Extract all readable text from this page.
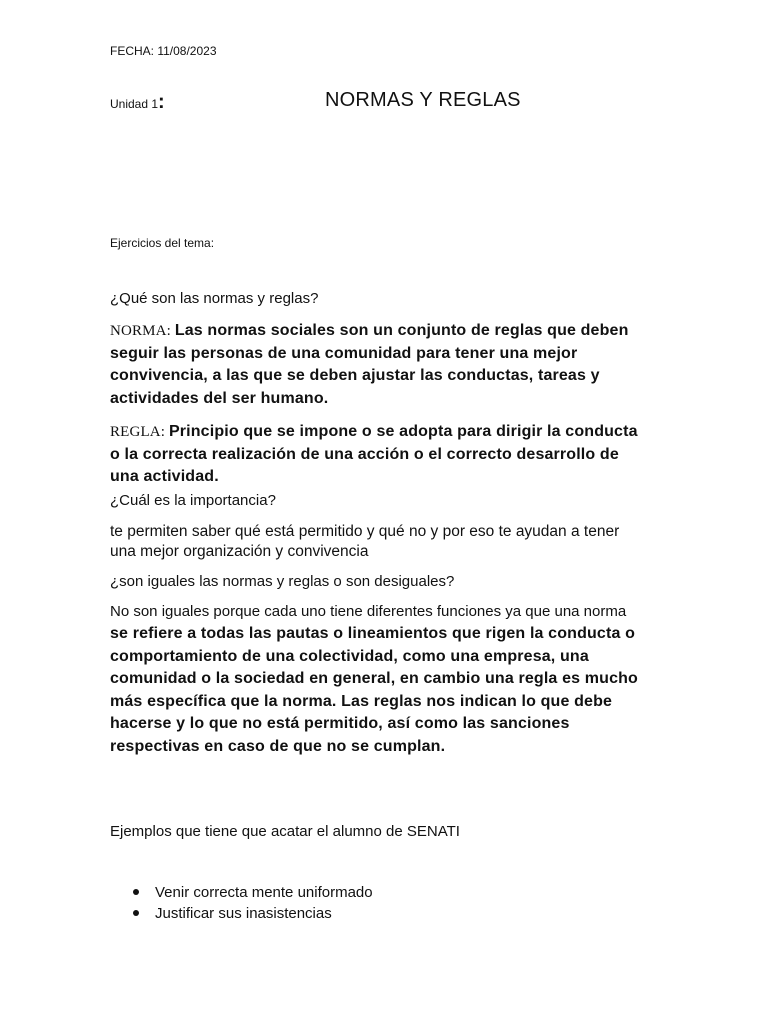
FECHA: 11/08/2023

Unidad 1:	NORMAS Y REGLAS

Ejercicios del tema:

¿Qué son las normas y reglas?

NORMA: Las normas sociales son un conjunto de reglas que deben seguir las personas de una comunidad para tener una mejor convivencia, a las que se deben ajustar las conductas, tareas y actividades del ser humano.

REGLA: Principio que se impone o se adopta para dirigir la conducta o la correcta realización de una acción o el correcto desarrollo de una actividad.

¿Cuál es la importancia?

te permiten saber qué está permitido y qué no y por eso te ayudan a tener una mejor organización y convivencia

¿son iguales las normas y reglas o son desiguales?

No son iguales porque cada uno tiene diferentes funciones ya que una norma

se refiere a todas las pautas o lineamientos que rigen la conducta o comportamiento de una colectividad, como una empresa, una comunidad o la sociedad en general, en cambio una regla es mucho más específica que la norma. Las reglas nos indican lo que debe hacerse y lo que no está permitido, así como las sanciones respectivas en caso de que no se cumplan.

Ejemplos que tiene que acatar el alumno de SENATI

Venir correcta mente uniformado
Justificar sus inasistencias
